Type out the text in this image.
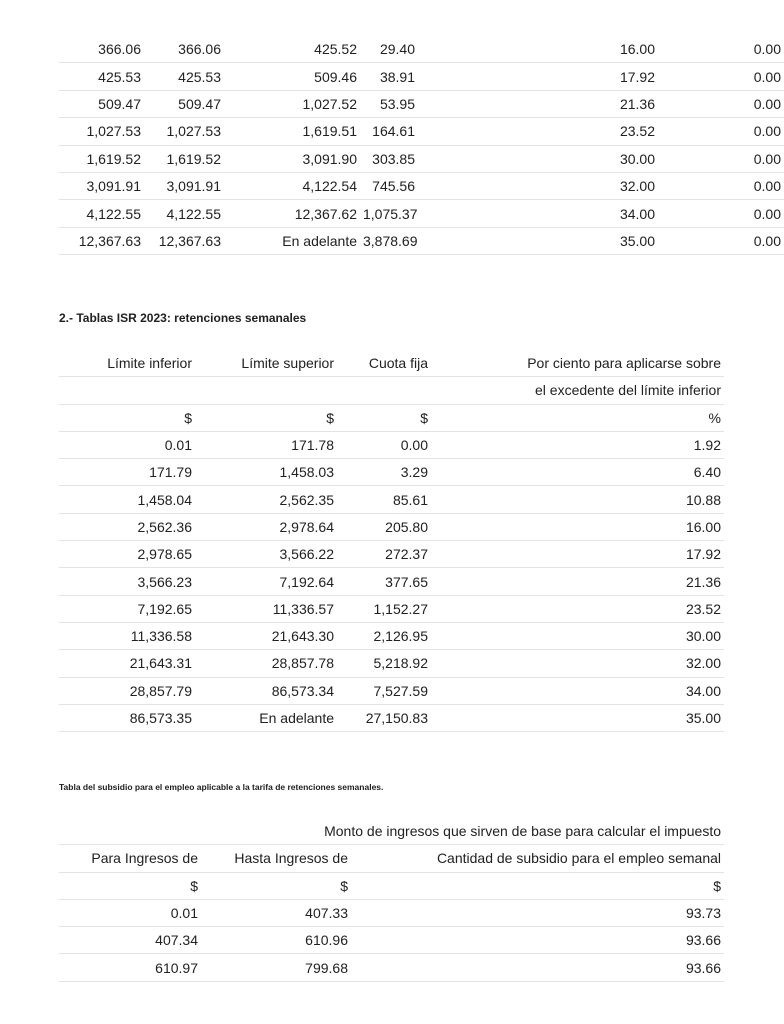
366.06	366.06	425.52	29.40	16.00	0.00
425.53	425.53	509.46	38.91	17.92	0.00
509.47	509.47	1,027.52	53.95	21.36	0.00
1,027.53	1,027.53	1,619.51	164.61	23.52	0.00
1,619.52	1,619.52	3,091.90	303.85	30.00	0.00
3,091.91	3,091.91	4,122.54	745.56	32.00	0.00
4,122.55	4,122.55	12,367.62	1,075.37	34.00	0.00
12,367.63	12,367.63	En adelante	3,878.69	35.00	0.00
2.- Tablas ISR 2023: retenciones semanales
Límite inferior	Límite superior	Cuota fija	Por ciento para aplicarse sobre
			el excedente del límite inferior
$	$	$	%
0.01	171.78	0.00	1.92
171.79	1,458.03	3.29	6.40
1,458.04	2,562.35	85.61	10.88
2,562.36	2,978.64	205.80	16.00
2,978.65	3,566.22	272.37	17.92
3,566.23	7,192.64	377.65	21.36
7,192.65	11,336.57	1,152.27	23.52
11,336.58	21,643.30	2,126.95	30.00
21,643.31	28,857.78	5,218.92	32.00
28,857.79	86,573.34	7,527.59	34.00
86,573.35	En adelante	27,150.83	35.00
Tabla del subsidio para el empleo aplicable a la tarifa de retenciones semanales.
Monto de ingresos que sirven de base para calcular el impuesto		
Para Ingresos de	Hasta Ingresos de	Cantidad de subsidio para el empleo semanal
$	$	$
0.01	407.33	93.73
407.34	610.96	93.66
610.97	799.68	93.66
